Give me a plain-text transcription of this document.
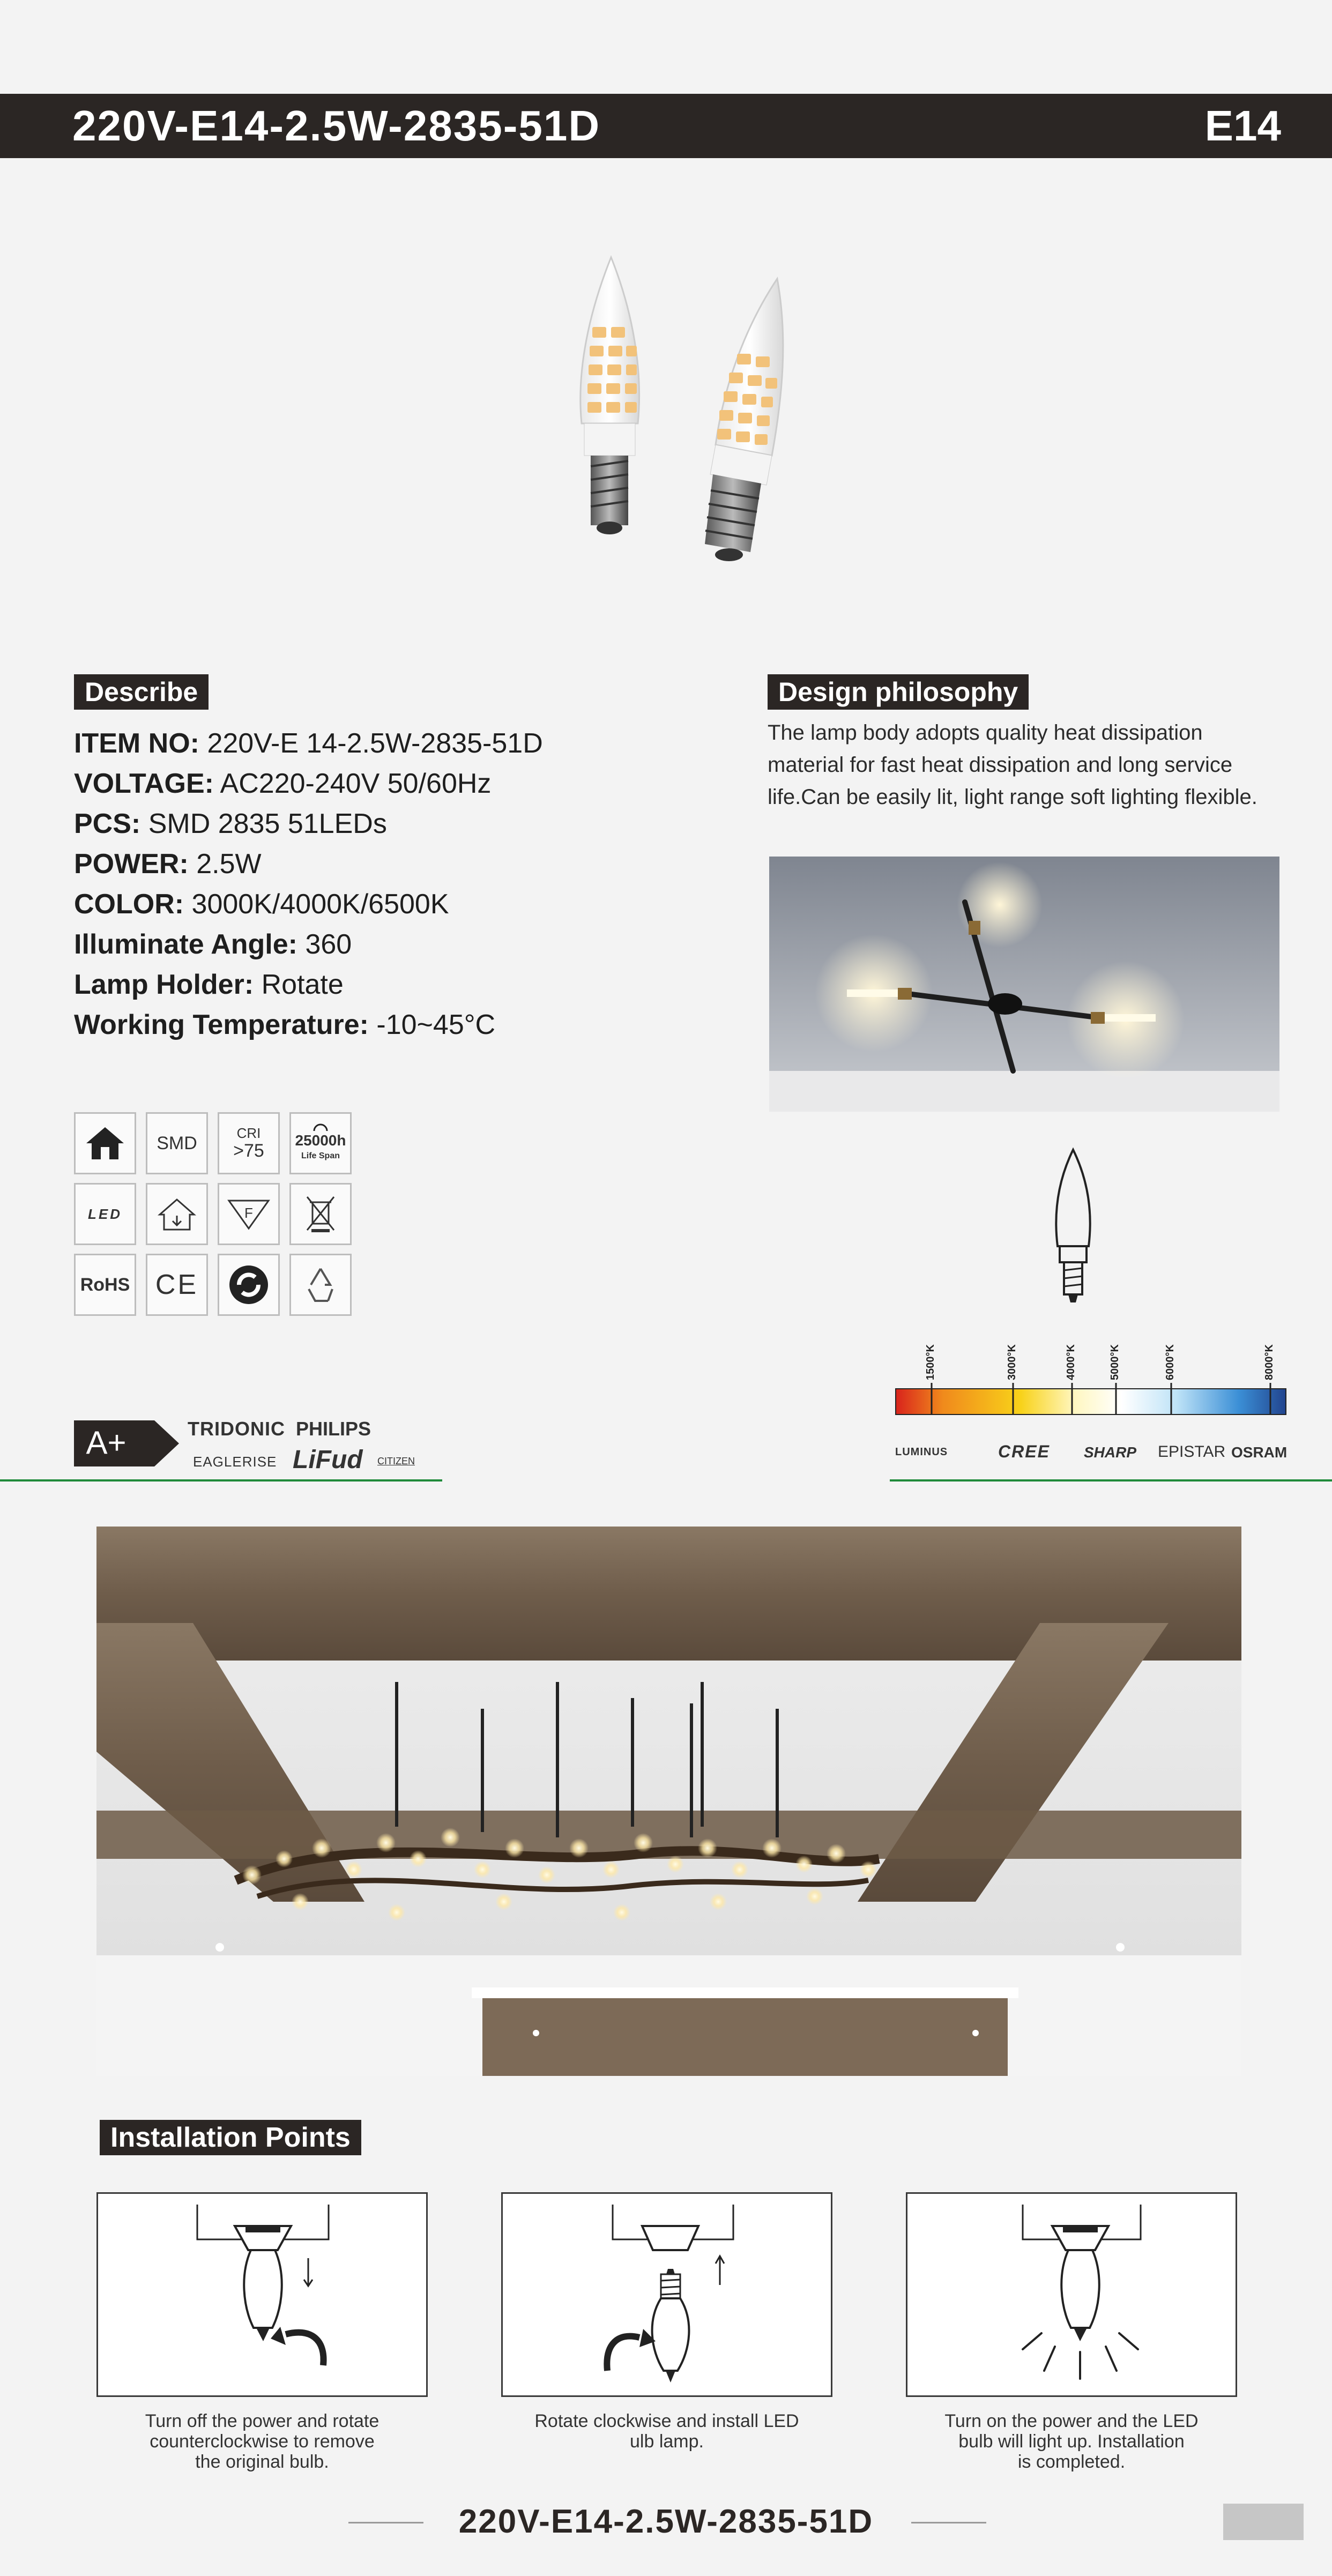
220V-E14-2.5W-2835-51D	E14
Describe
ITEM NO: 220V-E 14-2.5W-2835-51D
VOLTAGE: AC220-240V 50/60Hz
PCS: SMD 2835 51LEDs
POWER: 2.5W
COLOR: 3000K/4000K/6500K
Illuminate Angle: 360
Lamp Holder: Rotate
Working Temperature: -10~45°C
Design philosophy
The lamp body adopts quality heat dissipation
material for fast heat dissipation and long service
life.Can be easily lit, light range soft lighting flexible.
SMD	CRI
>75 25000h
Life Span
LED	F
RoHS CE
A+	TRIDONIC PHILIPS
EAGLERISE LiFud CITIZEN
1500°K	3000°K	4000°K	5000°K	6000°K	8000°K
LUMINUS	CREE SHARP EPISTAR OSRAM
Installation Points
Turn off the power and rotate
counterclockwise to remove
the original bulb.
Rotate clockwise and install LED
ulb lamp.
Turn on the power and the LED
bulb will light up. Installation
is completed.
220V-E14-2.5W-2835-51D
